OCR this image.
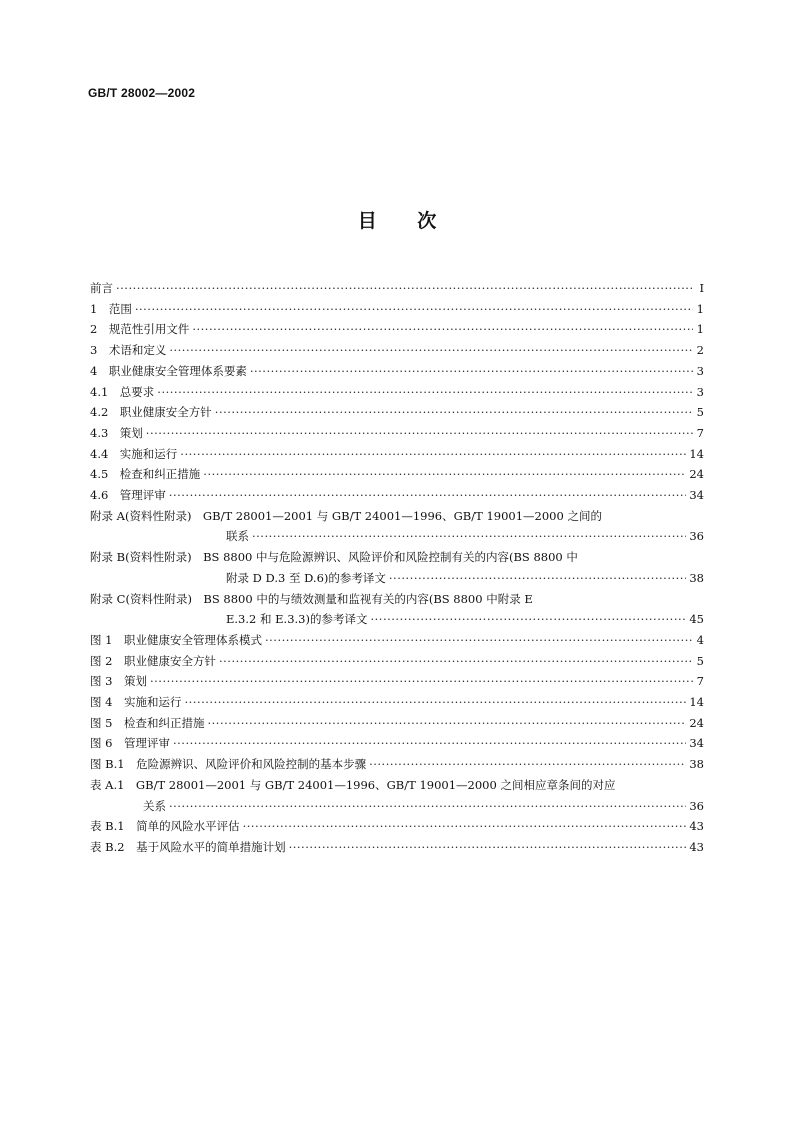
GB/T 28002—2002
目 次
前言 ·····	I
1　范围 ·····	1
2　规范性引用文件 ·····	1
3　术语和定义 ·····	2
4　职业健康安全管理体系要素 ·····	3
4.1　总要求 ·····	3
4.2　职业健康安全方针 ·····	5
4.3　策划 ·····	7
4.4　实施和运行 ·····	14
4.5　检查和纠正措施 ·····	24
4.6　管理评审 ·····	34
附录 A(资料性附录)　GB/T 28001—2001 与 GB/T 24001—1996、GB/T 19001—2000 之间的
联系 ·····	36
附录 B(资料性附录)　BS 8800 中与危险源辨识、风险评价和风险控制有关的内容(BS 8800 中
附录 D D.3 至 D.6)的参考译文 ·····	38
附录 C(资料性附录)　BS 8800 中的与绩效测量和监视有关的内容(BS 8800 中附录 E
E.3.2 和 E.3.3)的参考译文 ·····	45
图 1　职业健康安全管理体系模式 ·····	4
图 2　职业健康安全方针 ·····	5
图 3　策划 ·····	7
图 4　实施和运行 ·····	14
图 5　检查和纠正措施 ·····	24
图 6　管理评审 ·····	34
图 B.1　危险源辨识、风险评价和风险控制的基本步骤 ·····	38
表 A.1　GB/T 28001—2001 与 GB/T 24001—1996、GB/T 19001—2000 之间相应章条间的对应
关系 ·····	36
表 B.1　简单的风险水平评估 ·····	43
表 B.2　基于风险水平的简单措施计划 ·····	43
